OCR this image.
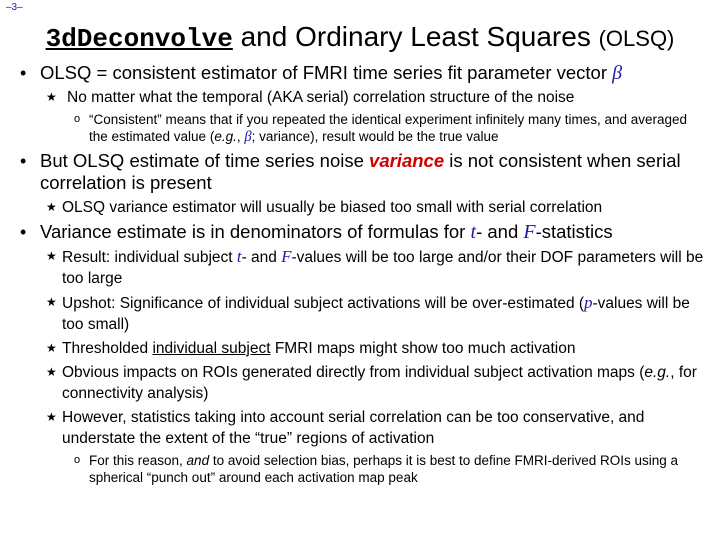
–3–
3dDeconvolve and Ordinary Least Squares (OLSQ)
• OLSQ = consistent estimator of FMRI time series fit parameter vector β
★ No matter what the temporal (AKA serial) correlation structure of the noise
o “Consistent” means that if you repeated the identical experiment infinitely many times, and averaged the estimated value (e.g., β; variance), result would be the true value
• But OLSQ estimate of time series noise variance is not consistent when serial correlation is present
★ OLSQ variance estimator will usually be biased too small with serial correlation
• Variance estimate is in denominators of formulas for t- and F-statistics
★ Result: individual subject t- and F-values will be too large and/or their DOF parameters will be too large
★ Upshot: Significance of individual subject activations will be over-estimated (p-values will be too small)
★ Thresholded individual subject FMRI maps might show too much activation
★ Obvious impacts on ROIs generated directly from individual subject activation maps (e.g., for connectivity analysis)
★ However, statistics taking into account serial correlation can be too conservative, and understate the extent of the “true” regions of activation
o For this reason, and to avoid selection bias, perhaps it is best to define FMRI-derived ROIs using a spherical “punch out” around each activation map peak
